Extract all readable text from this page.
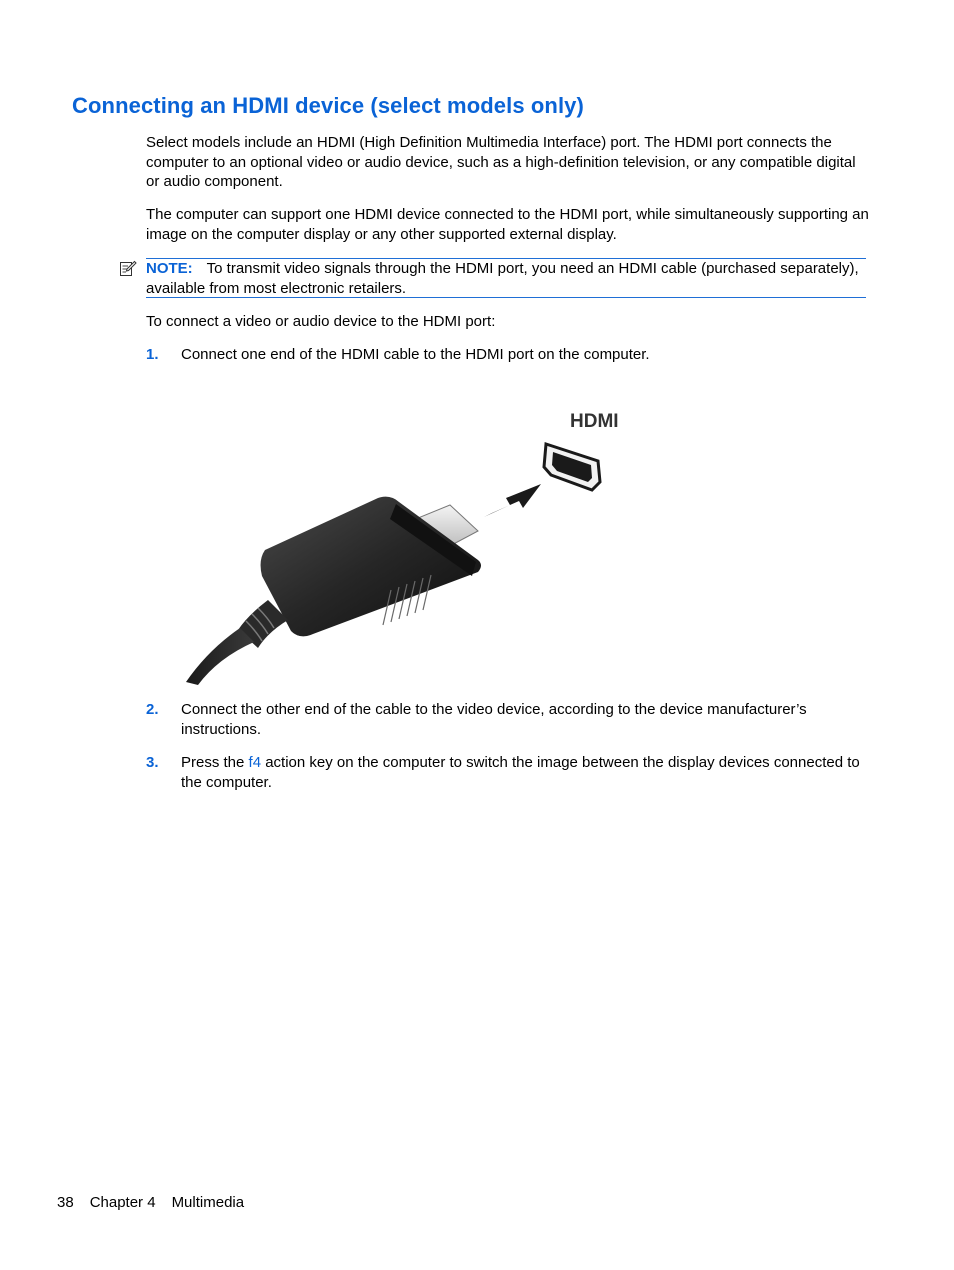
Connecting an HDMI device (select models only)

Select models include an HDMI (High Definition Multimedia Interface) port. The HDMI port connects the computer to an optional video or audio device, such as a high-definition television, or any compatible digital or audio component.

The computer can support one HDMI device connected to the HDMI port, while simultaneously supporting an image on the computer display or any other supported external display.

NOTE: To transmit video signals through the HDMI port, you need an HDMI cable (purchased separately), available from most electronic retailers.

To connect a video or audio device to the HDMI port:

1. Connect one end of the HDMI cable to the HDMI port on the computer.

HDMI
2. Connect the other end of the cable to the video device, according to the device manufacturer’s instructions.

3. Press the f4 action key on the computer to switch the image between the display devices connected to the computer.

38 Chapter 4 Multimedia
